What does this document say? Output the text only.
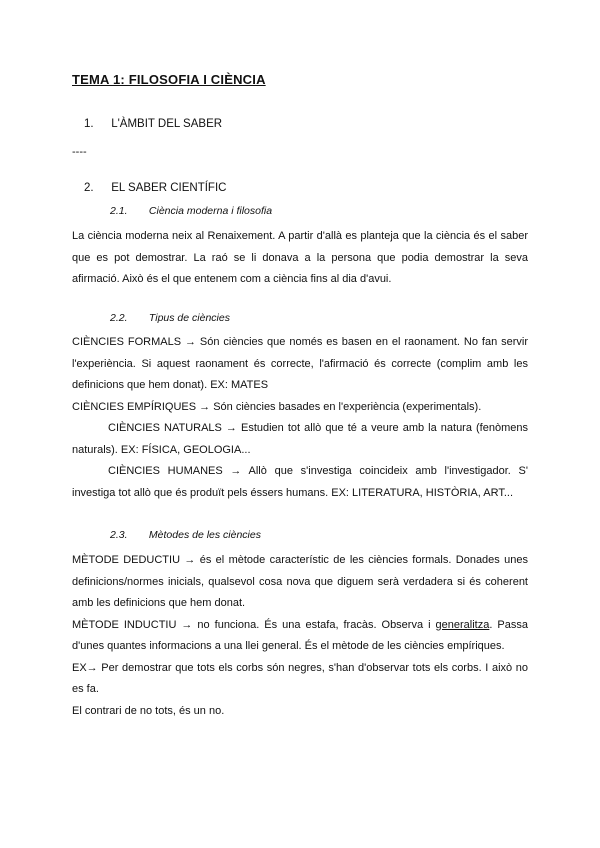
TEMA 1: FILOSOFIA I CIÈNCIA
1. L'ÀMBIT DEL SABER
----
2. EL SABER CIENTÍFIC
2.1. Ciència moderna i filosofia

La ciència moderna neix al Renaixement. A partir d'allà es planteja que la ciència és el saber que es pot demostrar. La raó se li donava a la persona que podia demostrar la seva afirmació. Això és el que entenem com a ciència fins al dia d'avui.

2.2. Tipus de ciències

CIÈNCIES FORMALS → Són ciències que només es basen en el raonament. No fan servir l'experiència. Si aquest raonament és correcte, l'afirmació és correcte (complim amb les definicions que hem donat). EX: MATES

CIÈNCIES EMPÍRIQUES → Són ciències basades en l'experiència (experimentals).

CIÈNCIES NATURALS → Estudien tot allò que té a veure amb la natura (fenòmens naturals). EX: FÍSICA, GEOLOGIA...

CIÈNCIES HUMANES → Allò que s'investiga coincideix amb l'investigador. S' investiga tot allò que és produït pels éssers humans. EX: LITERATURA, HISTÒRIA, ART...

2.3. Mètodes de les ciències

MÈTODE DEDUCTIU → és el mètode característic de les ciències formals. Donades unes definicions/normes inicials, qualsevol cosa nova que diguem serà verdadera si és coherent amb les definicions que hem donat.

MÈTODE INDUCTIU → no funciona. És una estafa, fracàs. Observa i generalitza. Passa d'unes quantes informacions a una llei general. És el mètode de les ciències empíriques.

EX→ Per demostrar que tots els corbs són negres, s'han d'observar tots els corbs. I això no es fa.

El contrari de no tots, és un no.
